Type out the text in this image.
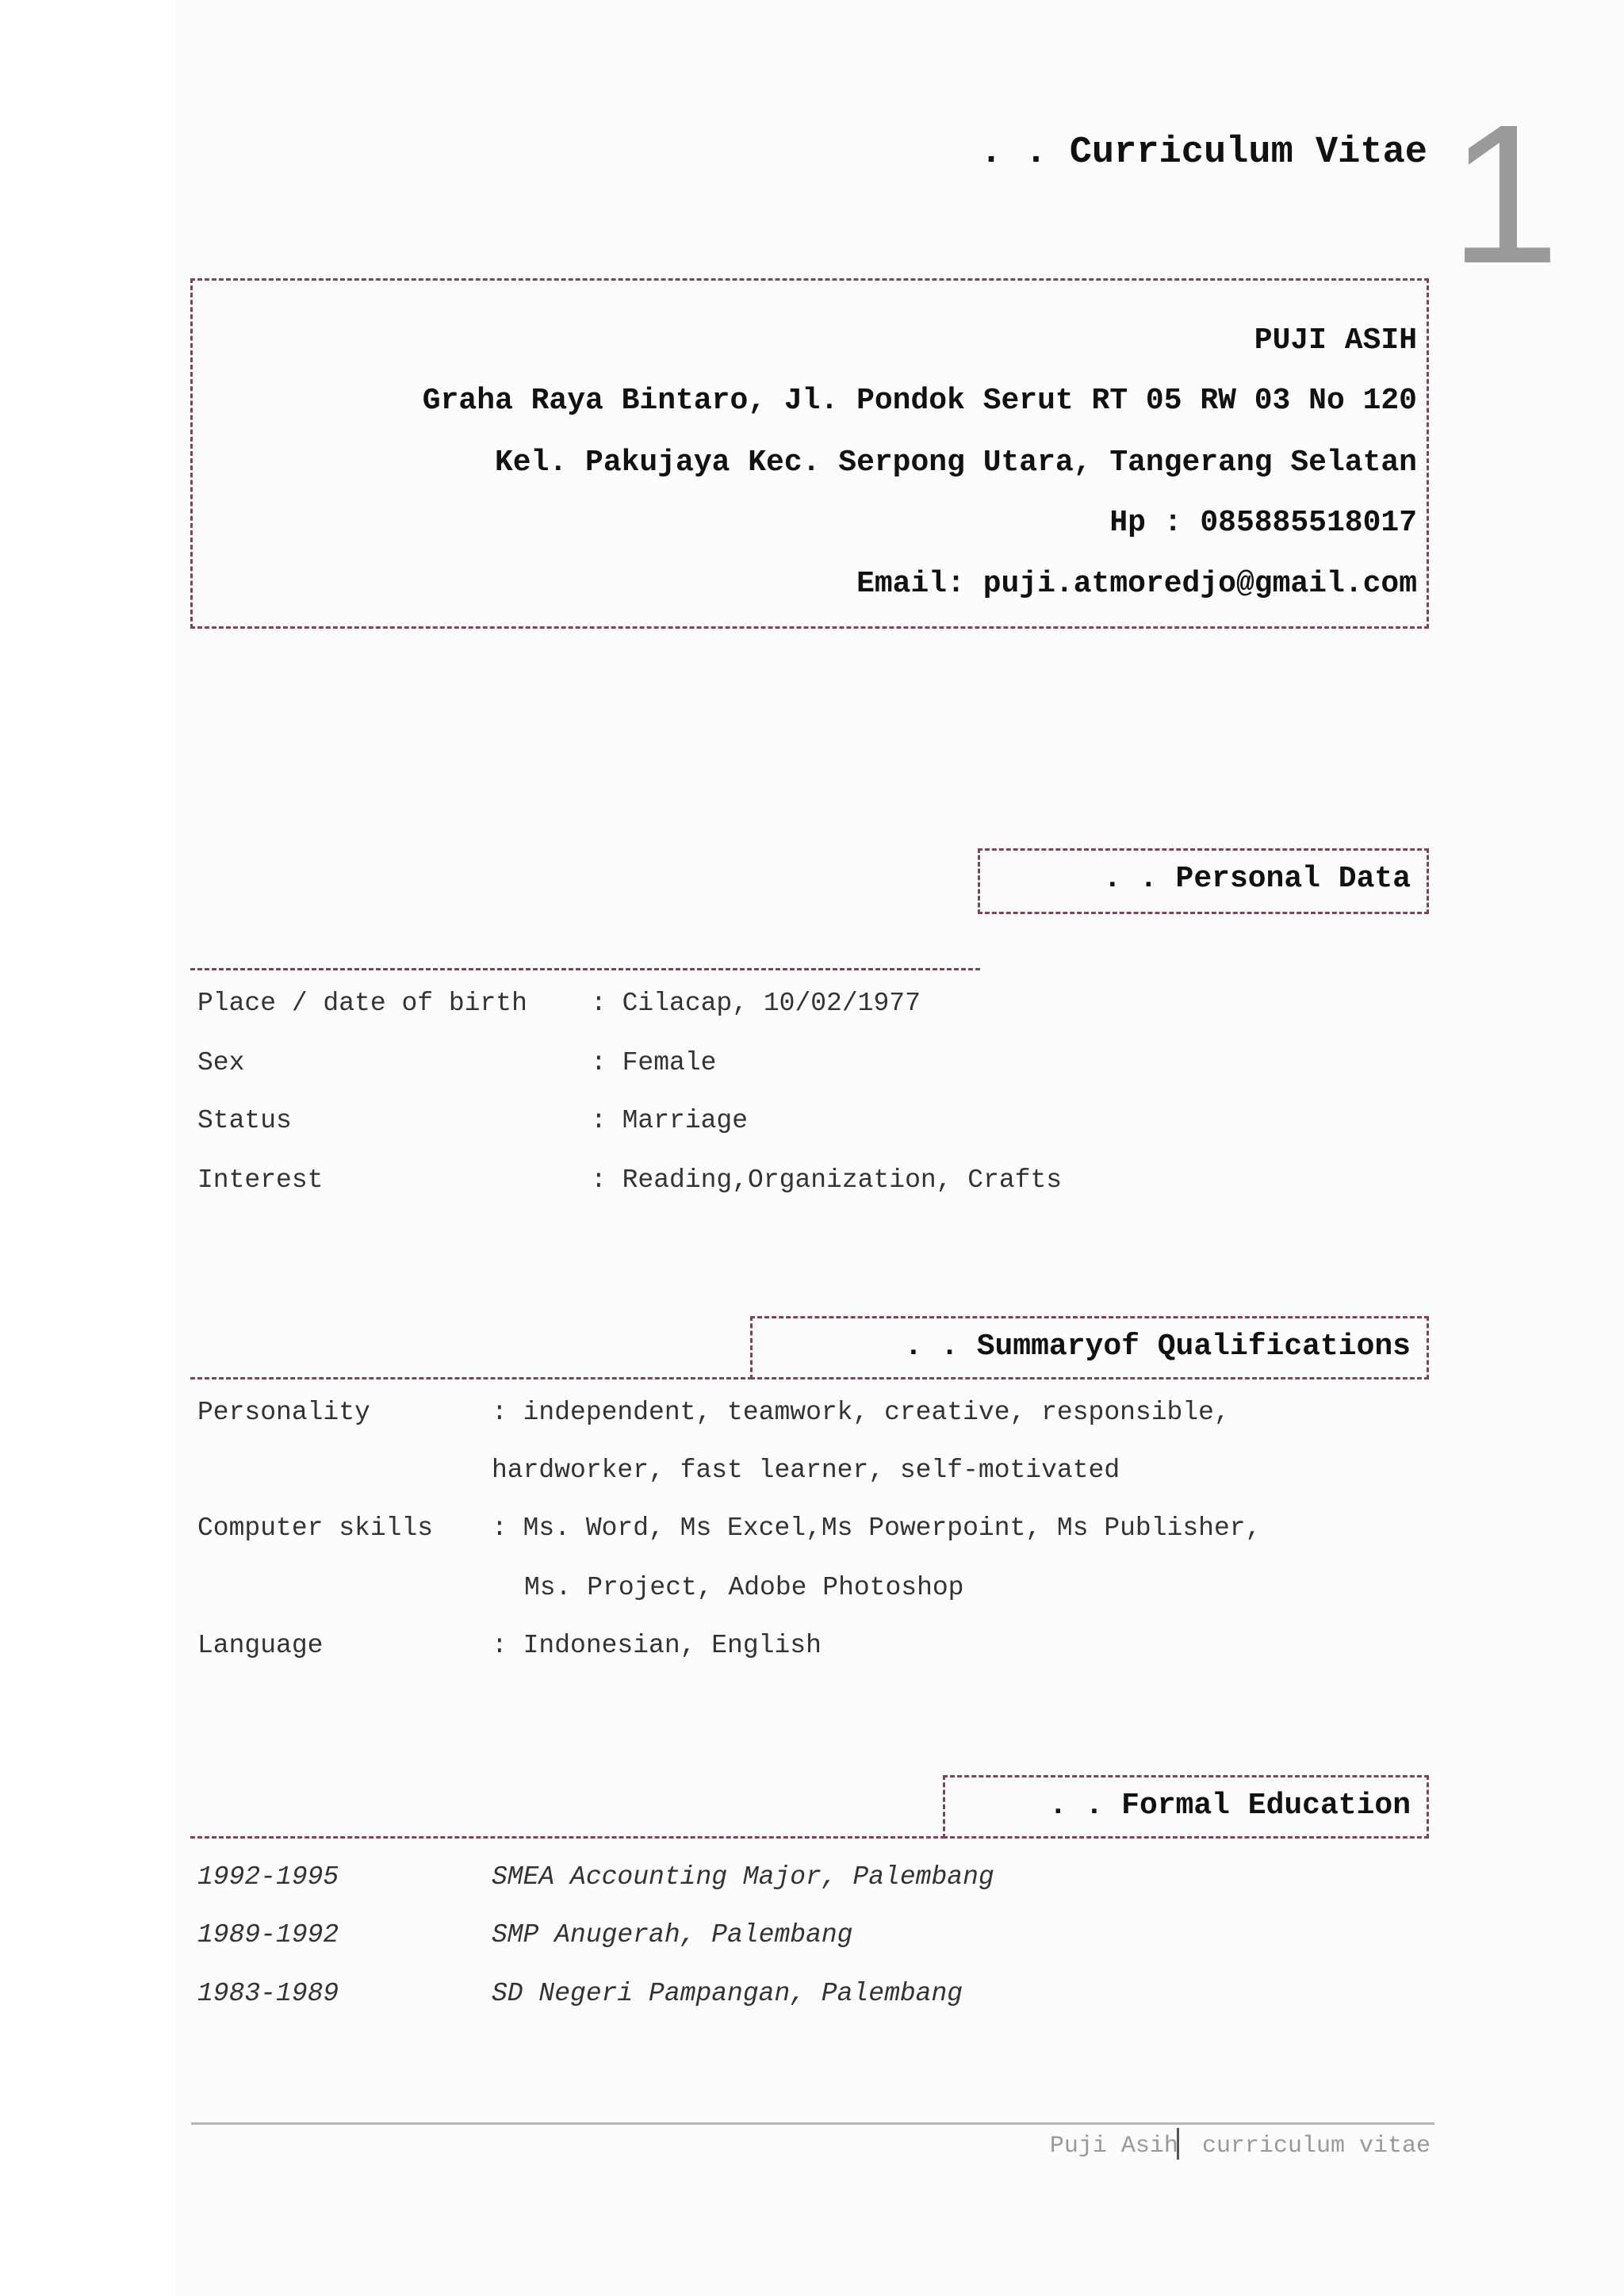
. . Curriculum Vitae 1
PUJI ASIH
Graha Raya Bintaro, Jl. Pondok Serut RT 05 RW 03 No 120
Kel. Pakujaya Kec. Serpong Utara, Tangerang Selatan
Hp : 085885518017
Email: puji.atmoredjo@gmail.com

. . Personal Data

Place / date of birth : Cilacap, 10/02/1977
Sex	: Female
Status	: Marriage
Interest	: Reading,Organization, Crafts

. . Summaryof Qualifications

Personality	: independent, teamwork, creative, responsible,
hardworker, fast learner, self-motivated
Computer skills : Ms. Word, Ms Excel,Ms Powerpoint, Ms Publisher,
Ms. Project, Adobe Photoshop
Language	: Indonesian, English

. . Formal Education

1992-1995	SMEA Accounting Major, Palembang
1989-1992	SMP Anugerah, Palembang
1983-1989	SD Negeri Pampangan, Palembang
Puji Asih curriculum vitae
